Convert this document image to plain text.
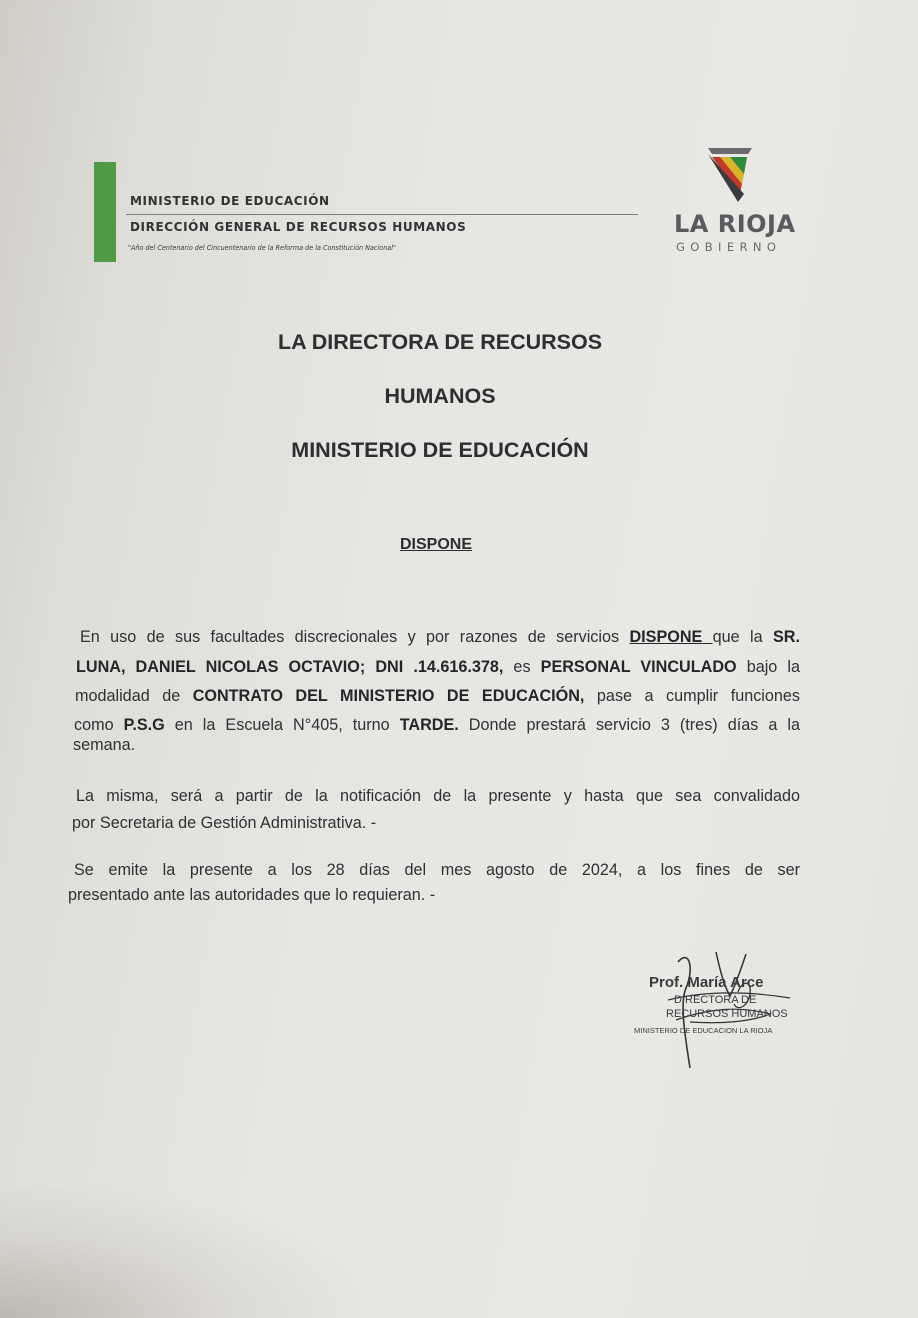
MINISTERIO DE EDUCACIÓN
DIRECCIÓN GENERAL DE RECURSOS HUMANOS
"Año del Centenario del Cincuentenario de la Reforma de la Constitución Nacional"
LA RIOJA
GOBIERNO
LA DIRECTORA DE RECURSOS
HUMANOS
MINISTERIO DE EDUCACIÓN
DISPONE
En uso de sus facultades discrecionales y por razones de servicios DISPONE que la SR.
LUNA, DANIEL NICOLAS OCTAVIO; DNI .14.616.378, es PERSONAL VINCULADO bajo la
modalidad de CONTRATO DEL MINISTERIO DE EDUCACIÓN, pase a cumplir funciones
como P.S.G en la Escuela N°405, turno TARDE. Donde prestará servicio 3 (tres) días a la
semana.
La misma, será a partir de la notificación de la presente y hasta que sea convalidado
por Secretaria de Gestión Administrativa. -
Se emite la presente a los 28 días del mes agosto de 2024, a los fines de ser
presentado ante las autoridades que lo requieran. -
Prof. María Arce
DIRECTORA DE
RECURSOS HUMANOS
MINISTERIO DE EDUCACION LA RIOJA
